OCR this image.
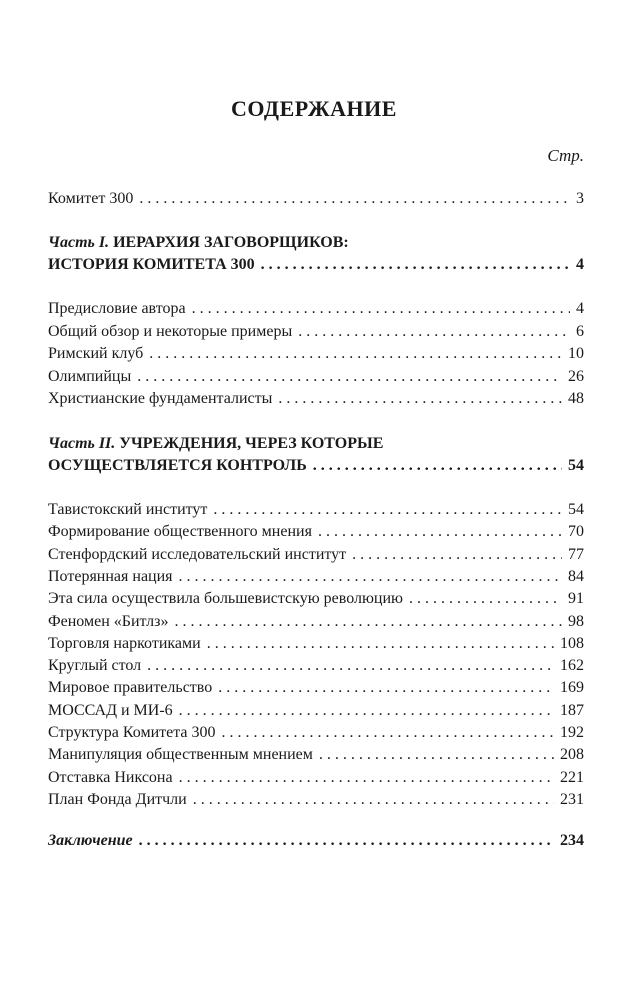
СОДЕРЖАНИЕ
Стр.
Комитет 300 . . .	3
Часть I. ИЕРАРХИЯ ЗАГОВОРЩИКОВ:
ИСТОРИЯ КОМИТЕТА 300 . . .	4
Предисловие автора . . .	4
Общий обзор и некоторые примеры . . .	6
Римский клуб . . .	10
Олимпийцы . . .	26
Христианские фундаменталисты . . .	48
Часть II. УЧРЕЖДЕНИЯ, ЧЕРЕЗ КОТОРЫЕ
ОСУЩЕСТВЛЯЕТСЯ КОНТРОЛЬ . . .	54
Тавистокский институт . . .	54
Формирование общественного мнения . . .	70
Стенфордский исследовательский институт . . .	77
Потерянная нация . . .	84
Эта сила осуществила большевистскую революцию . . .	91
Феномен «Битлз» . . .	98
Торговля наркотиками . . .	108
Круглый стол . . .	162
Мировое правительство . . .	169
МОССАД и МИ-6 . . .	187
Структура Комитета 300 . . .	192
Манипуляция общественным мнением . . .	208
Отставка Никсона . . .	221
План Фонда Дитчли . . .	231
Заключение . . .	234
